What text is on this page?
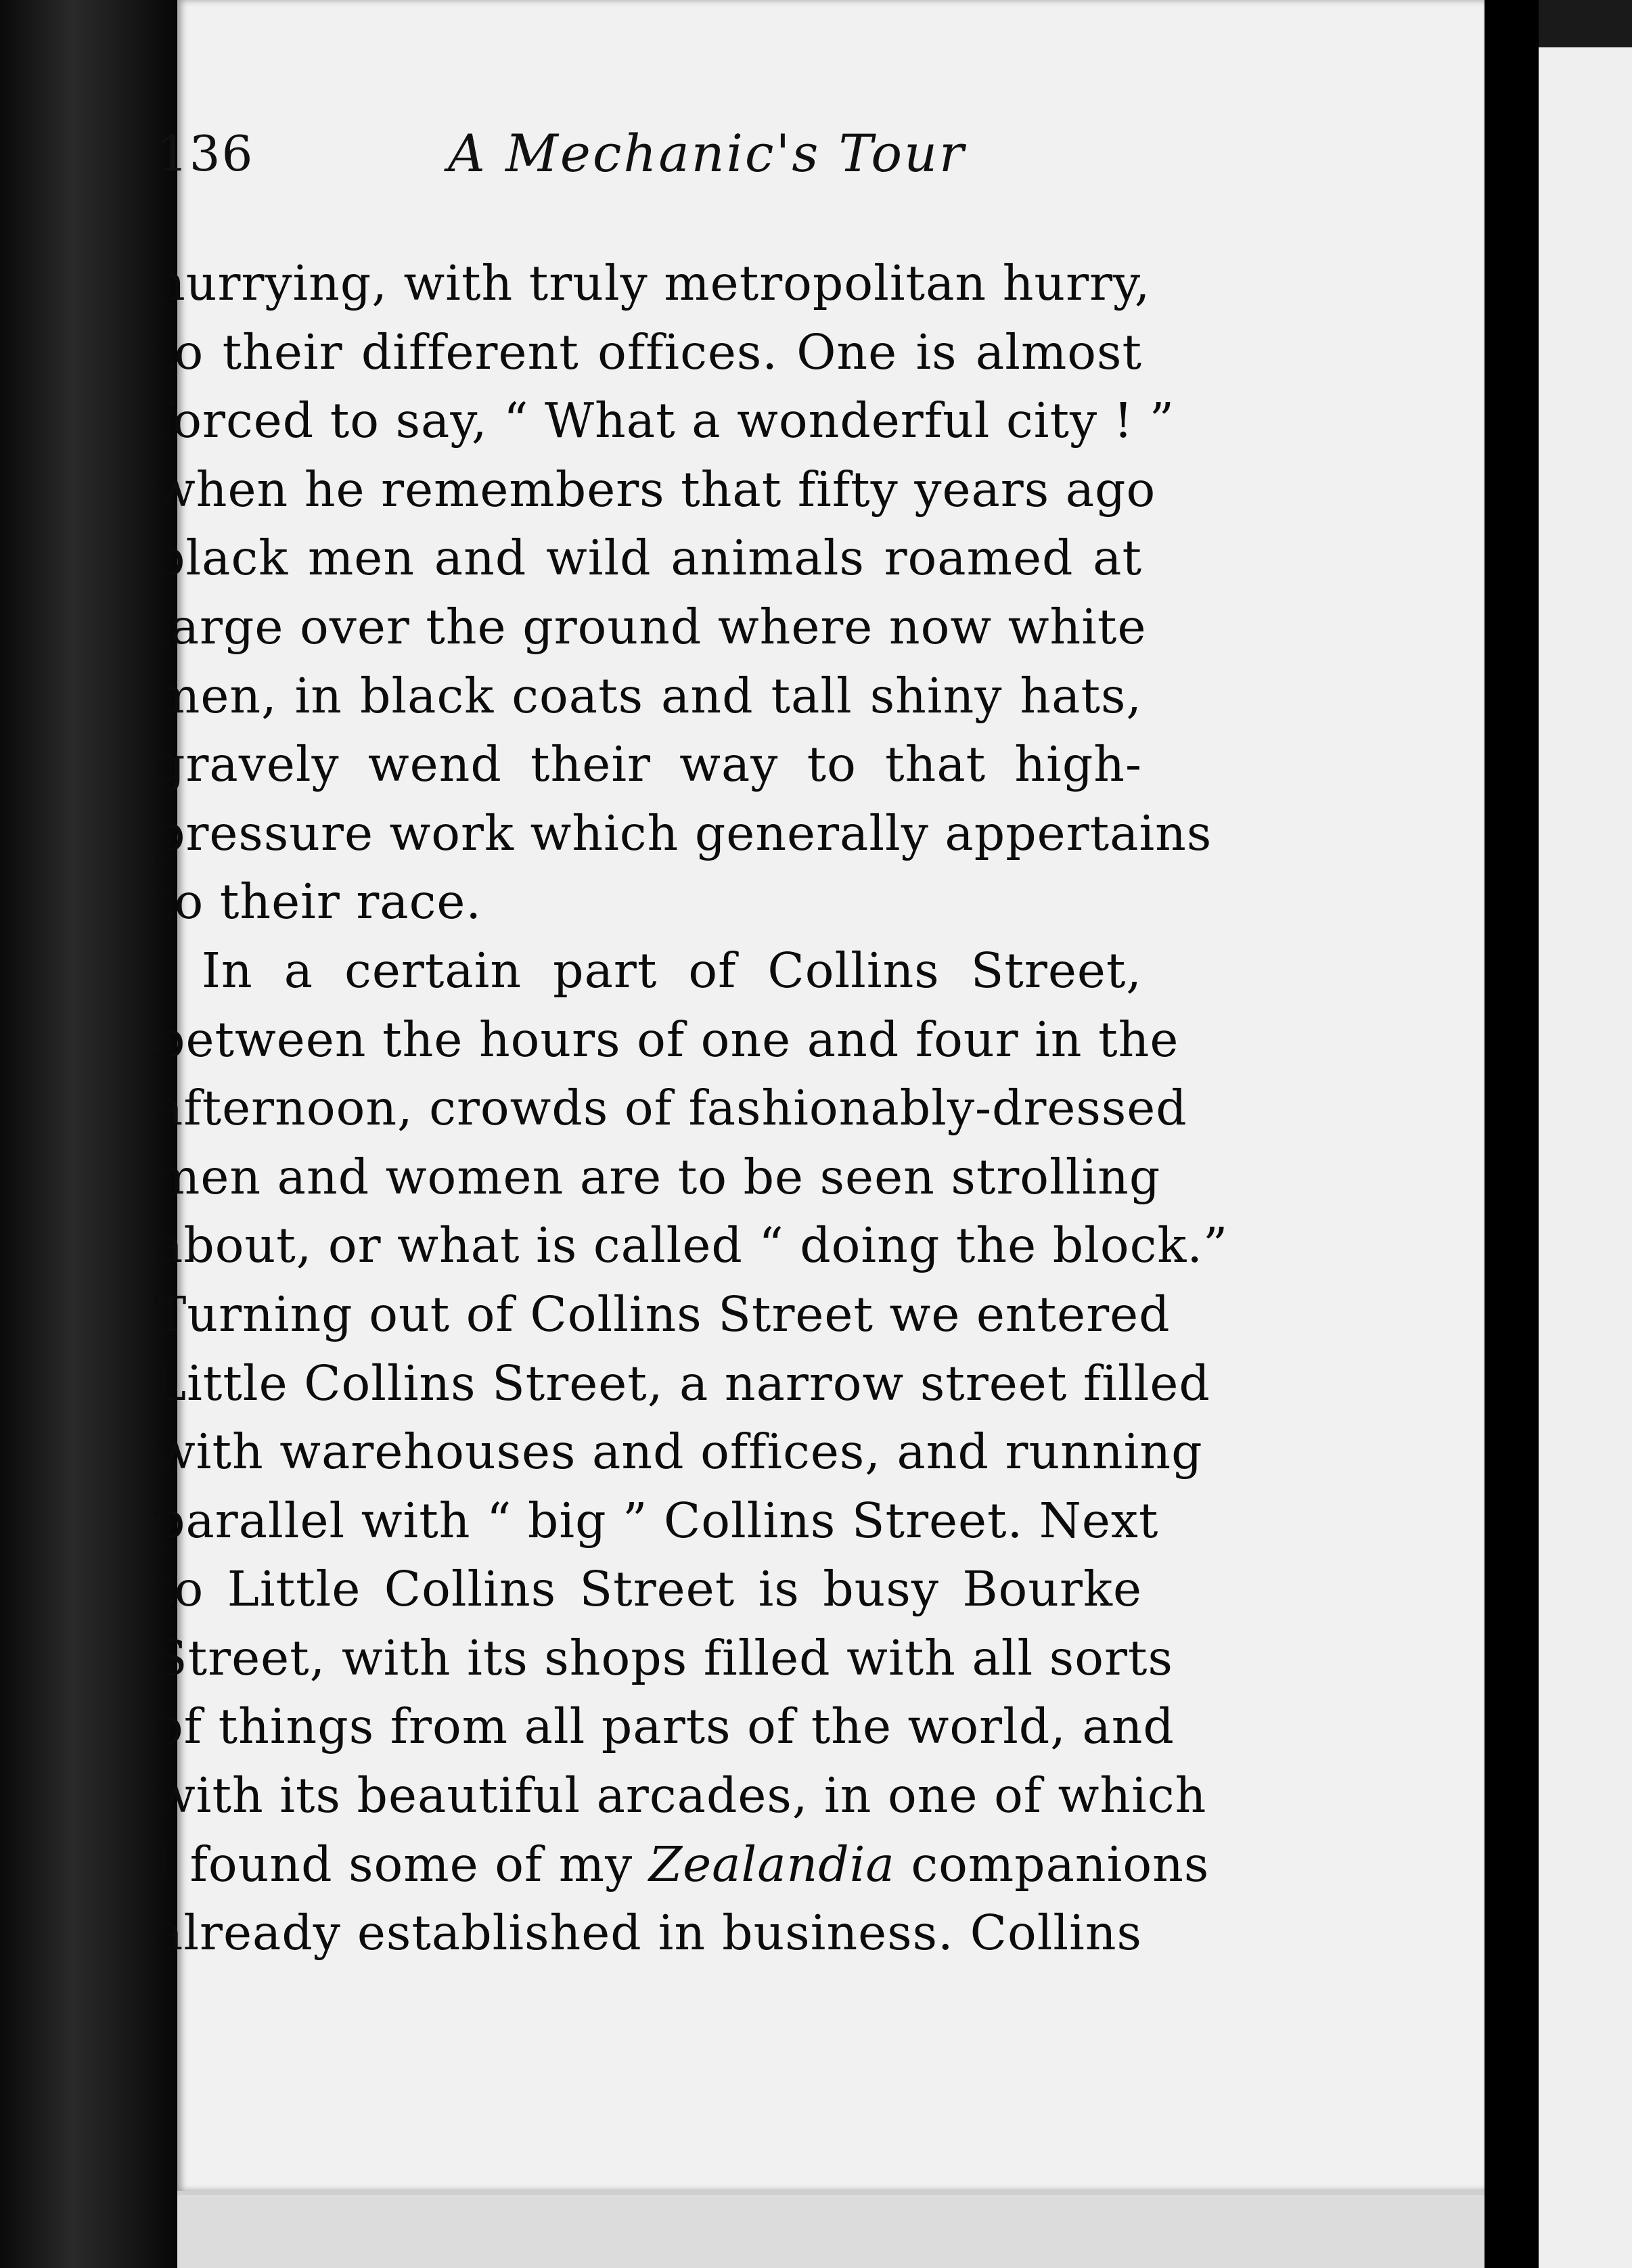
136	A Mechanic's Tour
hurrying, with truly metropolitan hurry,
to their different offices. One is almost
forced to say, “ What a wonderful city ! ”
when he remembers that fifty years ago
black men and wild animals roamed at
large over the ground where now white
men, in black coats and tall shiny hats,
gravely wend their way to that high-
pressure work which generally appertains
to their race.
In a certain part of Collins Street,
between the hours of one and four in the
afternoon, crowds of fashionably-dressed
men and women are to be seen strolling
about, or what is called “ doing the block.”
Turning out of Collins Street we entered
Little Collins Street, a narrow street filled
with warehouses and offices, and running
parallel with “ big ” Collins Street. Next
to Little Collins Street is busy Bourke
Street, with its shops filled with all sorts
of things from all parts of the world, and
with its beautiful arcades, in one of which
I found some of my Zealandia companions
already established in business. Collins
